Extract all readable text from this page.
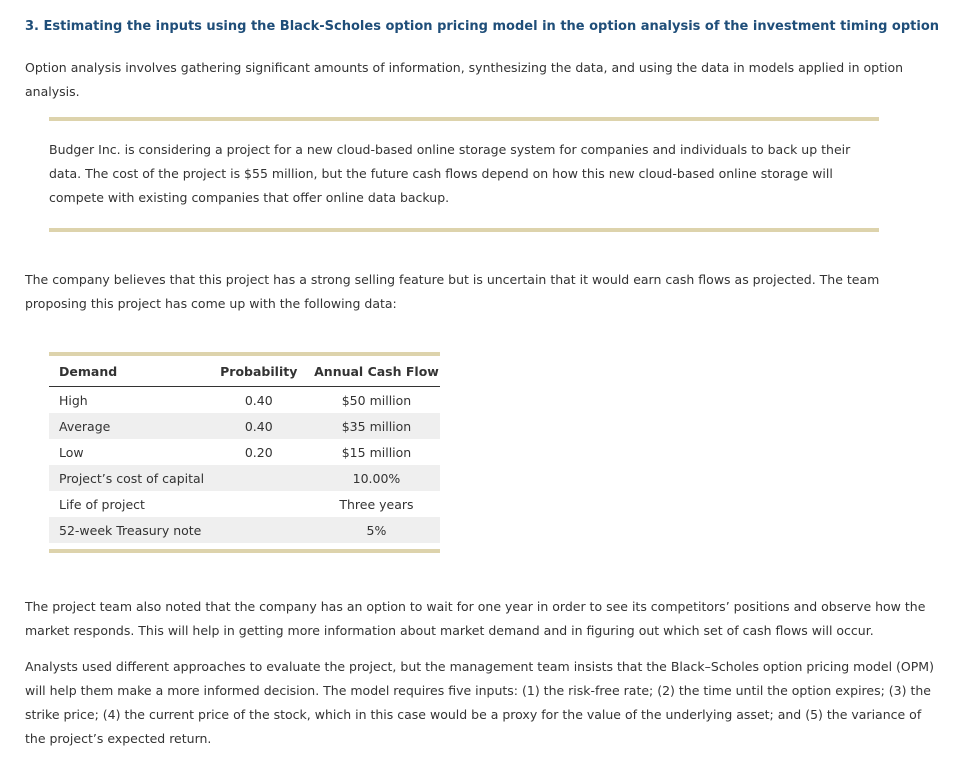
3. Estimating the inputs using the Black-Scholes option pricing model in the option analysis of the investment timing option
Option analysis involves gathering significant amounts of information, synthesizing the data, and using the data in models applied in option analysis.
Budger Inc. is considering a project for a new cloud-based online storage system for companies and individuals to back up their data. The cost of the project is $55 million, but the future cash flows depend on how this new cloud-based online storage will compete with existing companies that offer online data backup.
The company believes that this project has a strong selling feature but is uncertain that it would earn cash flows as projected. The team proposing this project has come up with the following data:
Demand	Probability	Annual Cash Flow
High	0.40	$50 million
Average	0.40	$35 million
Low	0.20	$15 million
Project’s cost of capital		10.00%
Life of project		Three years
52-week Treasury note		5%

The project team also noted that the company has an option to wait for one year in order to see its competitors’ positions and observe how the market responds. This will help in getting more information about market demand and in figuring out which set of cash flows will occur.
Analysts used different approaches to evaluate the project, but the management team insists that the Black–Scholes option pricing model (OPM) will help them make a more informed decision. The model requires five inputs: (1) the risk-free rate; (2) the time until the option expires; (3) the strike price; (4) the current price of the stock, which in this case would be a proxy for the value of the underlying asset; and (5) the variance of the project’s expected return.
